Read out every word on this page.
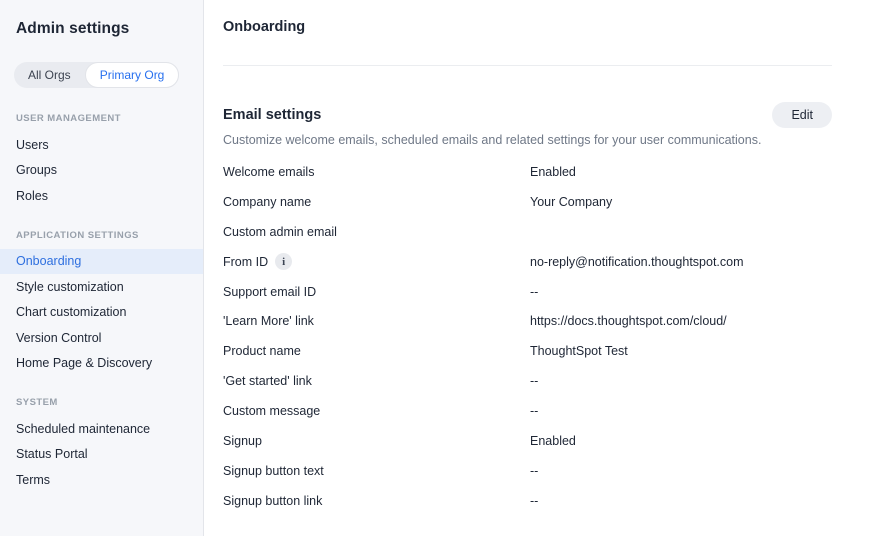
Admin settings
All Orgs	Primary Org
USER MANAGEMENT
Users
Groups
Roles
APPLICATION SETTINGS
Onboarding
Style customization
Chart customization
Version Control
Home Page & Discovery
SYSTEM
Scheduled maintenance
Status Portal
Terms
Onboarding
Email settings	Edit

Customize welcome emails, scheduled emails and related settings for your user communications.

Welcome emails	Enabled
Company name	Your Company
Custom admin email
From ID	i	no-reply@notification.thoughtspot.com
Support email ID	--
'Learn More' link	https://docs.thoughtspot.com/cloud/
Product name	ThoughtSpot Test
'Get started' link	--
Custom message	--
Signup	Enabled
Signup button text	--
Signup button link	--
